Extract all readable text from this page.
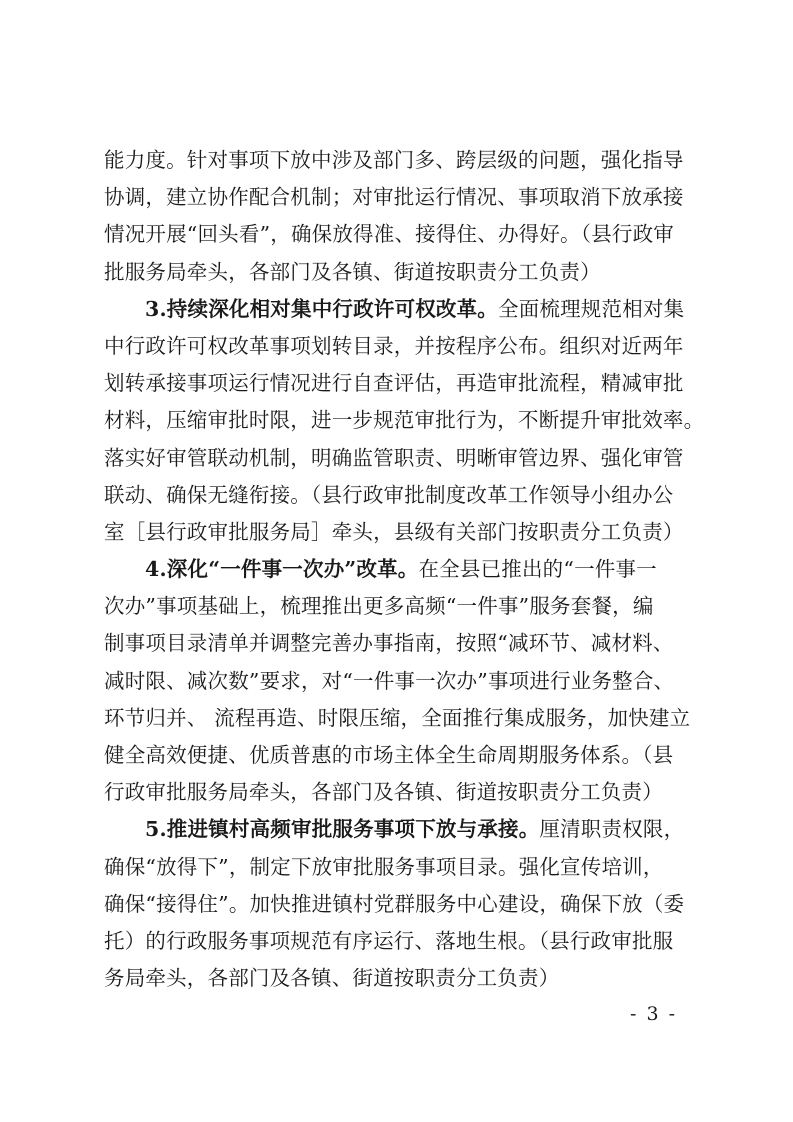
能力度。针对事项下放中涉及部门多、跨层级的问题，强化指导
协调，建立协作配合机制；对审批运行情况、事项取消下放承接
情况开展“回头看”，确保放得准、接得住、办得好。（县行政审
批服务局牵头，各部门及各镇、街道按职责分工负责）
3.持续深化相对集中行政许可权改革。全面梳理规范相对集
中行政许可权改革事项划转目录，并按程序公布。组织对近两年
划转承接事项运行情况进行自查评估，再造审批流程，精减审批
材料，压缩审批时限，进一步规范审批行为，不断提升审批效率。
落实好审管联动机制，明确监管职责、明晰审管边界、强化审管
联动、确保无缝衔接。（县行政审批制度改革工作领导小组办公
室［县行政审批服务局］牵头，县级有关部门按职责分工负责）
4.深化“一件事一次办”改革。在全县已推出的“一件事一
次办”事项基础上，梳理推出更多高频“一件事”服务套餐，编
制事项目录清单并调整完善办事指南，按照“减环节、减材料、
减时限、减次数”要求，对“一件事一次办”事项进行业务整合、
环节归并、 流程再造、时限压缩，全面推行集成服务，加快建立
健全高效便捷、优质普惠的市场主体全生命周期服务体系。（县
行政审批服务局牵头，各部门及各镇、街道按职责分工负责）
5.推进镇村高频审批服务事项下放与承接。厘清职责权限，
确保“放得下”，制定下放审批服务事项目录。强化宣传培训，
确保“接得住”。加快推进镇村党群服务中心建设，确保下放（委
托）的行政服务事项规范有序运行、落地生根。（县行政审批服
务局牵头，各部门及各镇、街道按职责分工负责）
- 3 -
